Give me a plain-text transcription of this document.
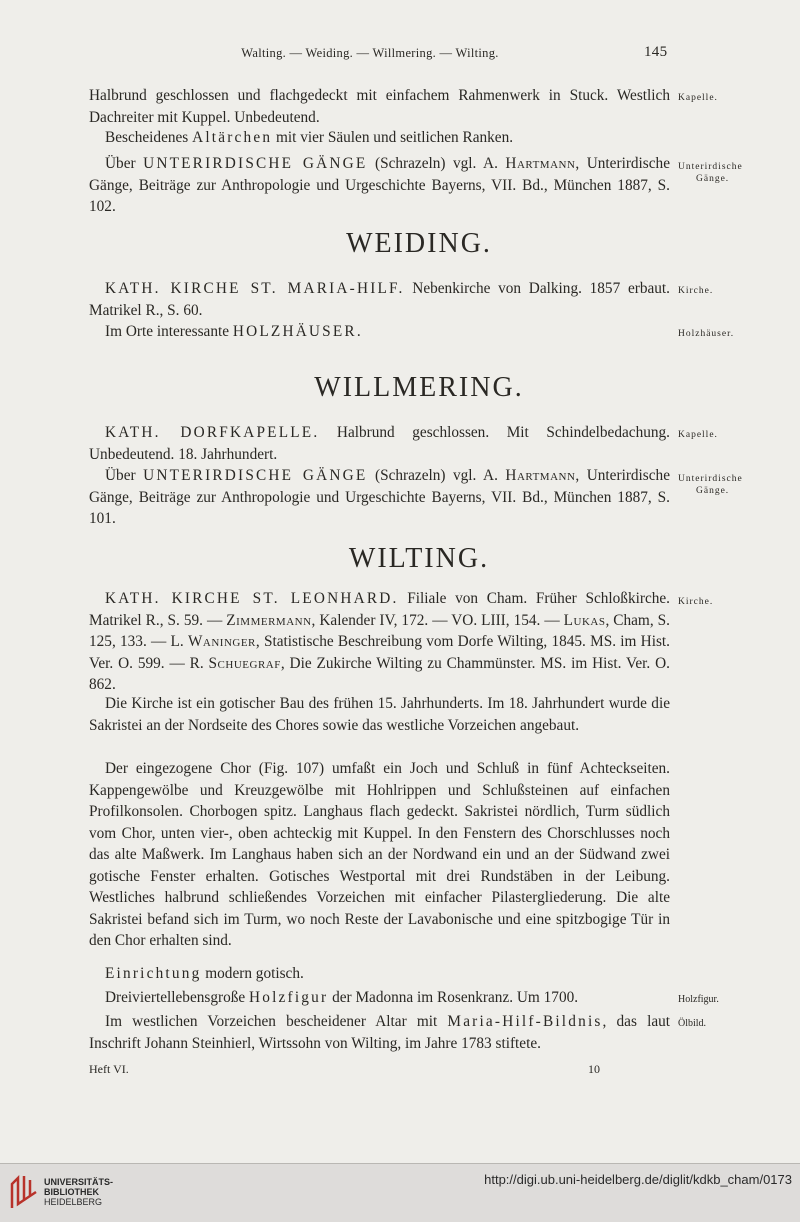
Walting. — Weiding. — Willmering. — Wilting.	145
Halbrund geschlossen und flachgedeckt mit einfachem Rahmenwerk in Stuck. Westlich Dachreiter mit Kuppel. Unbedeutend.
Kapelle.
Bescheidenes Altärchen mit vier Säulen und seitlichen Ranken.
Über UNTERIRDISCHE GÄNGE (Schrazeln) vgl. A. Hartmann, Unterirdische Gänge, Beiträge zur Anthropologie und Urgeschichte Bayerns, VII. Bd., München 1887, S. 102.
Unterirdische
Gänge.
WEIDING.
KATH. KIRCHE ST. MARIA-HILF. Nebenkirche von Dalking. 1857 erbaut. Matrikel R., S. 60.
Kirche.
Im Orte interessante HOLZHÄUSER.	Holzhäuser.
WILLMERING.
KATH. DORFKAPELLE. Halbrund geschlossen. Mit Schindelbedachung. Unbedeutend. 18. Jahrhundert.
Kapelle.
Über UNTERIRDISCHE GÄNGE (Schrazeln) vgl. A. Hartmann, Unterirdische Gänge, Beiträge zur Anthropologie und Urgeschichte Bayerns, VII. Bd., München 1887, S. 101.
Unterirdische
Gänge.
WILTING.
KATH. KIRCHE ST. LEONHARD. Filiale von Cham. Früher Schloßkirche. Matrikel R., S. 59. — Zimmermann, Kalender IV, 172. — VO. LIII, 154. — Lukas, Cham, S. 125, 133. — L. Waninger, Statistische Beschreibung vom Dorfe Wilting, 1845. MS. im Hist. Ver. O. 599. — R. Schuegraf, Die Zukirche Wilting zu Chammünster. MS. im Hist. Ver. O. 862.
Kirche.
Die Kirche ist ein gotischer Bau des frühen 15. Jahrhunderts. Im 18. Jahrhundert wurde die Sakristei an der Nordseite des Chores sowie das westliche Vorzeichen angebaut.
Der eingezogene Chor (Fig. 107) umfaßt ein Joch und Schluß in fünf Achteckseiten. Kappengewölbe und Kreuzgewölbe mit Hohlrippen und Schlußsteinen auf einfachen Profilkonsolen. Chorbogen spitz. Langhaus flach gedeckt. Sakristei nördlich, Turm südlich vom Chor, unten vier-, oben achteckig mit Kuppel. In den Fenstern des Chorschlusses noch das alte Maßwerk. Im Langhaus haben sich an der Nordwand ein und an der Südwand zwei gotische Fenster erhalten. Gotisches Westportal mit drei Rundstäben in der Leibung. Westliches halbrund schließendes Vorzeichen mit einfacher Pilastergliederung. Die alte Sakristei befand sich im Turm, wo noch Reste der Lavabonische und eine spitzbogige Tür in den Chor erhalten sind.
Einrichtung modern gotisch.
Dreiviertellebensgroße Holzfigur der Madonna im Rosenkranz. Um 1700.	Holzfigur.
Im westlichen Vorzeichen bescheidener Altar mit Maria-Hilf-Bildnis, das laut Inschrift Johann Steinhierl, Wirtssohn von Wilting, im Jahre 1783 stiftete.
Ölbild.
Heft VI.	10
UNIVERSITÄTS-
BIBLIOTHEK
HEIDELBERG
http://digi.ub.uni-heidelberg.de/diglit/kdkb_cham/0173
